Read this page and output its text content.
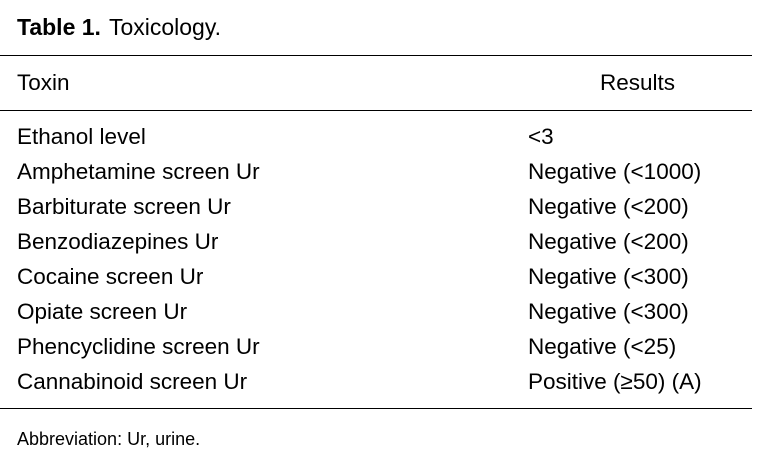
Table 1. Toxicology.
Toxin	Results
Ethanol level	<3
Amphetamine screen Ur	Negative (<1000)
Barbiturate screen Ur	Negative (<200)
Benzodiazepines Ur	Negative (<200)
Cocaine screen Ur	Negative (<300)
Opiate screen Ur	Negative (<300)
Phencyclidine screen Ur	Negative (<25)
Cannabinoid screen Ur	Positive (≥50) (A)
Abbreviation: Ur, urine.
